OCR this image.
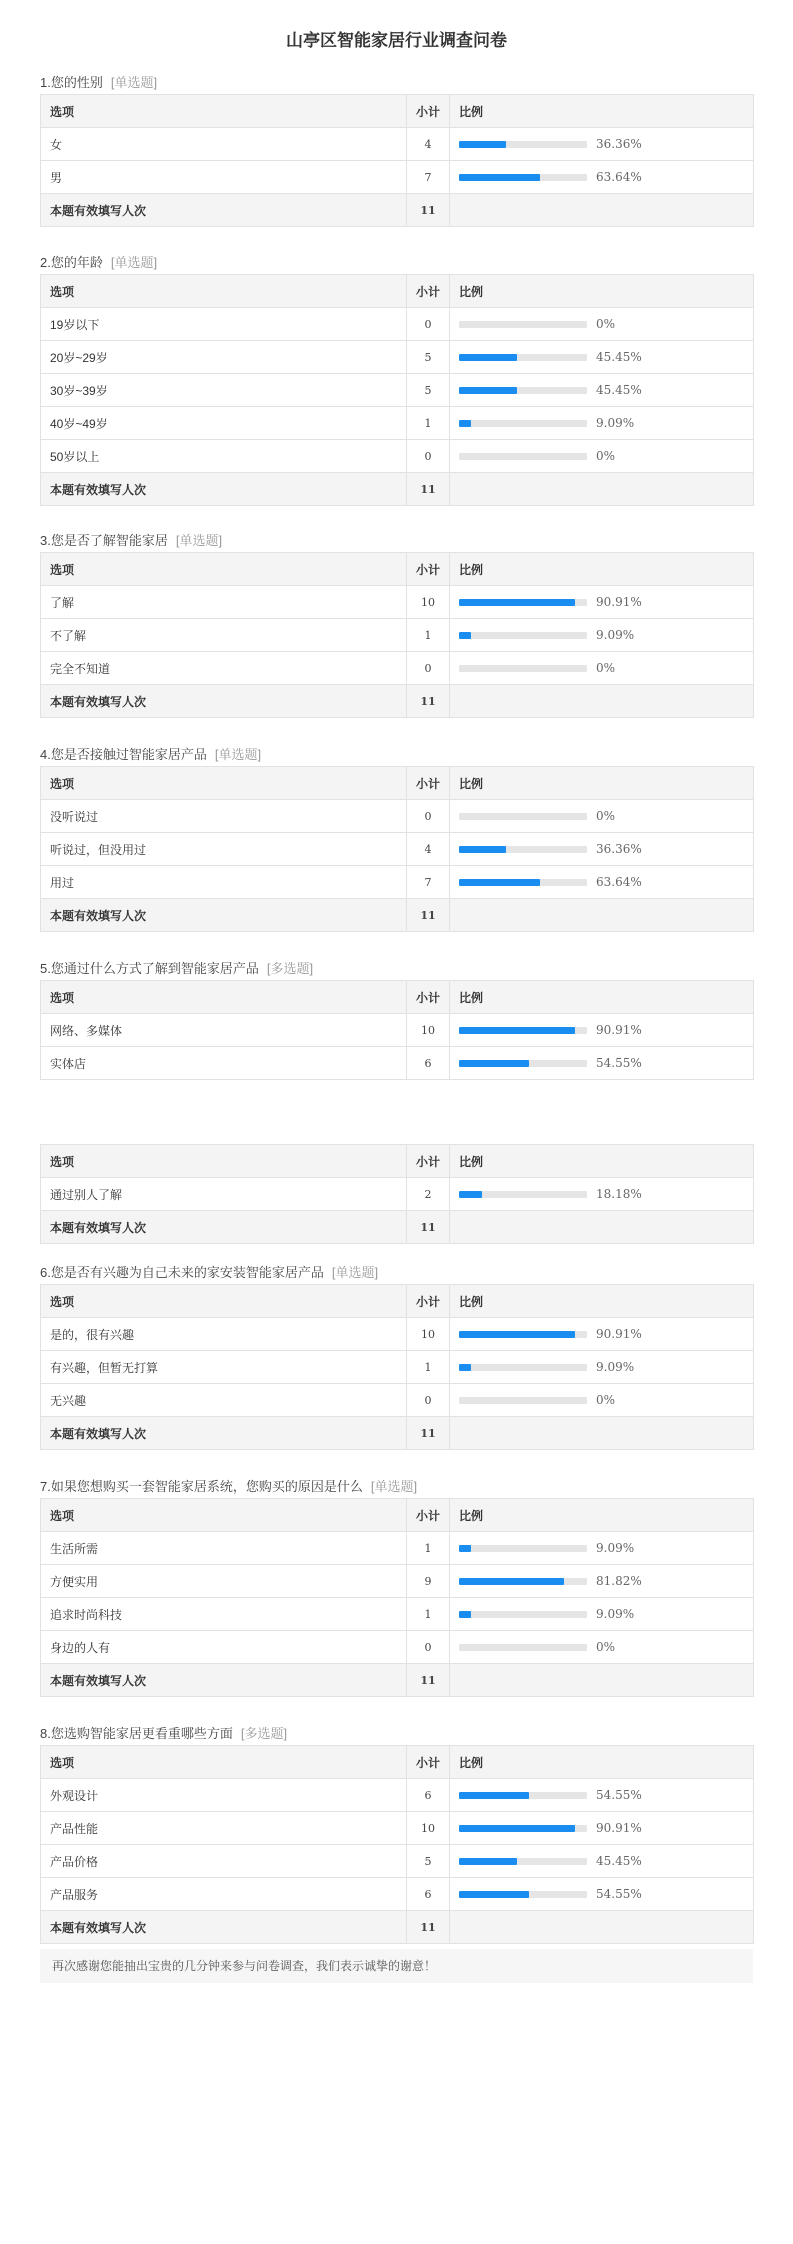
山亭区智能家居行业调查问卷
1.您的性别 [单选题]
选项	小计	比例
女	4	36.36%

男	7	63.64%

本题有效填写人次	11	
2.您的年龄 [单选题]
选项	小计	比例
19岁以下	0	0%

20岁~29岁	5	45.45%

30岁~39岁	5	45.45%

40岁~49岁	1	9.09%

50岁以上	0	0%

本题有效填写人次	11	
3.您是否了解智能家居 [单选题]
选项	小计	比例
了解	10	90.91%

不了解	1	9.09%

完全不知道	0	0%

本题有效填写人次	11	
4.您是否接触过智能家居产品 [单选题]
选项	小计	比例
没听说过	0	0%

听说过，但没用过	4	36.36%

用过	7	63.64%

本题有效填写人次	11	
5.您通过什么方式了解到智能家居产品 [多选题]
选项	小计	比例
网络、多媒体	10	90.91%

实体店	6	54.55%
选项	小计	比例
通过别人了解	2	18.18%

本题有效填写人次	11	
6.您是否有兴趣为自己未来的家安装智能家居产品 [单选题]
选项	小计	比例
是的，很有兴趣	10	90.91%

有兴趣，但暂无打算	1	9.09%

无兴趣	0	0%

本题有效填写人次	11	
7.如果您想购买一套智能家居系统，您购买的原因是什么 [单选题]
选项	小计	比例
生活所需	1	9.09%

方便实用	9	81.82%

追求时尚科技	1	9.09%

身边的人有	0	0%

本题有效填写人次	11	
8.您选购智能家居更看重哪些方面 [多选题]
选项	小计	比例
外观设计	6	54.55%

产品性能	10	90.91%

产品价格	5	45.45%

产品服务	6	54.55%

本题有效填写人次	11	
再次感谢您能抽出宝贵的几分钟来参与问卷调查，我们表示诚挚的谢意！
